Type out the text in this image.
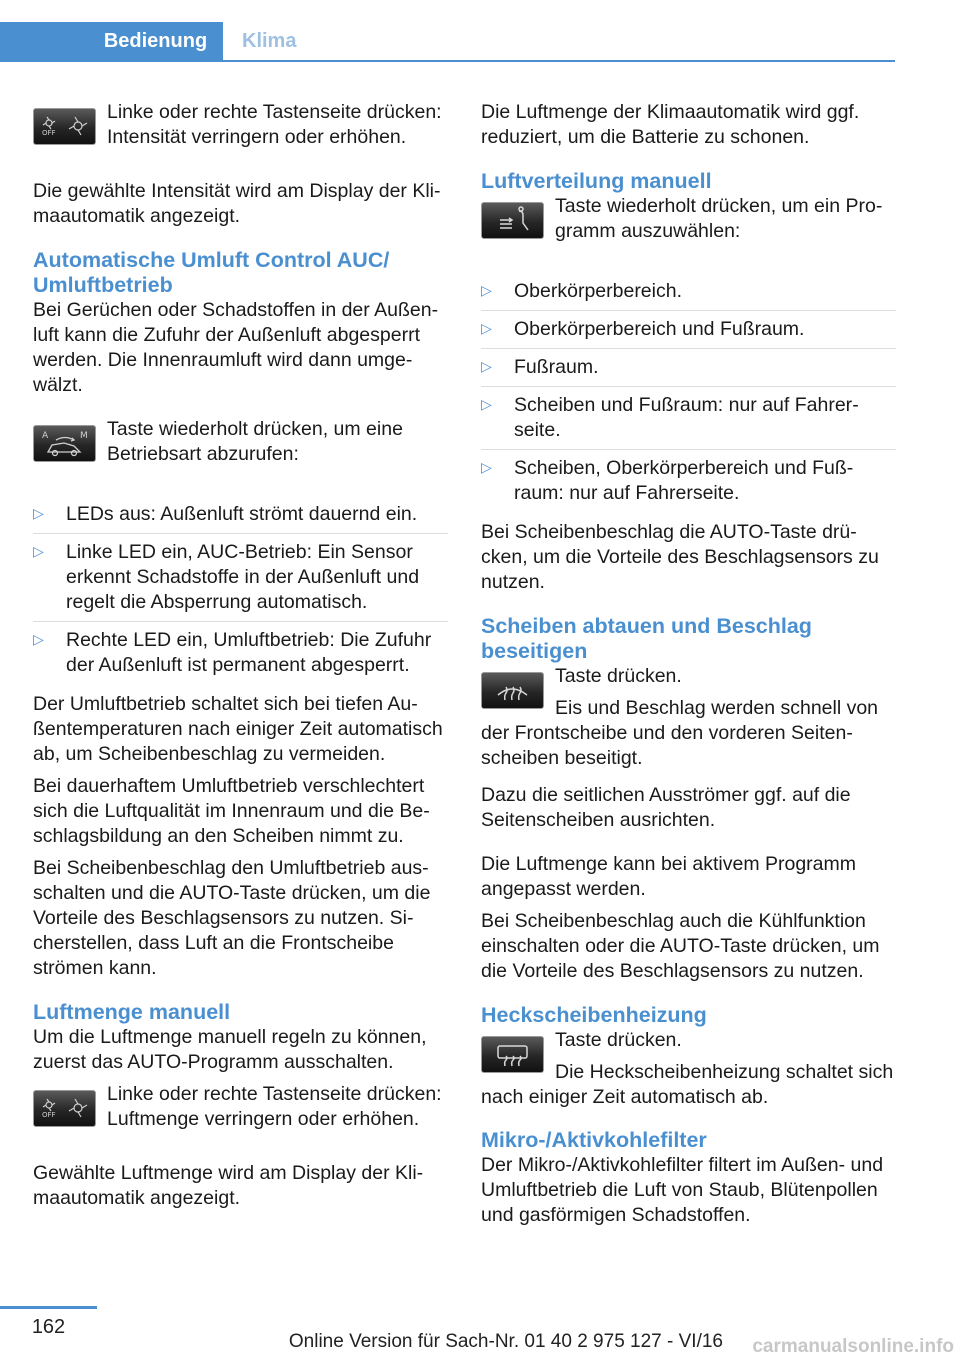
Bedienung Klima
OFF

Linke oder rechte Tastenseite drücken: Intensität verringern oder erhöhen.

Die gewählte Intensität wird am Display der Klimaautomatik angezeigt.

Automatische Umluft Control AUC/ Umluftbetrieb

Bei Gerüchen oder Schadstoffen in der Außenluft kann die Zufuhr der Außenluft abgesperrt werden. Die Innenraumluft wird dann umgewälzt.

A	M Taste wiederholt drücken, um eine Betriebsart abzurufen:

▷ LEDs aus: Außenluft strömt dauernd ein.
▷ Linke LED ein, AUC-Betrieb: Ein Sensor erkennt Schadstoffe in der Außenluft und regelt die Absperrung automatisch.
▷ Rechte LED ein, Umluftbetrieb: Die Zufuhr der Außenluft ist permanent abgesperrt.

Der Umluftbetrieb schaltet sich bei tiefen Außentemperaturen nach einiger Zeit automatisch ab, um Scheibenbeschlag zu vermeiden.

Bei dauerhaftem Umluftbetrieb verschlechtert sich die Luftqualität im Innenraum und die Beschlagsbildung an den Scheiben nimmt zu.

Bei Scheibenbeschlag den Umluftbetrieb ausschalten und die AUTO-Taste drücken, um die Vorteile des Beschlagsensors zu nutzen. Sicherstellen, dass Luft an die Frontscheibe strömen kann.

Luftmenge manuell

Um die Luftmenge manuell regeln zu können, zuerst das AUTO-Programm ausschalten.

OFF

Linke oder rechte Tastenseite drücken: Luftmenge verringern oder erhöhen.

Gewählte Luftmenge wird am Display der Klimaautomatik angezeigt.

Die Luftmenge der Klimaautomatik wird ggf. reduziert, um die Batterie zu schonen.

Luftverteilung manuell

Taste wiederholt drücken, um ein Programm auszuwählen:

▷ Oberkörperbereich.
▷ Oberkörperbereich und Fußraum.
▷ Fußraum.
▷ Scheiben und Fußraum: nur auf Fahrerseite.
▷ Scheiben, Oberkörperbereich und Fußraum: nur auf Fahrerseite.

Bei Scheibenbeschlag die AUTO-Taste drücken, um die Vorteile des Beschlagsensors zu nutzen.

Scheiben abtauen und Beschlag beseitigen

Taste drücken.

Eis und Beschlag werden schnell von der Frontscheibe und den vorderen Seitenscheiben beseitigt.

Dazu die seitlichen Ausströmer ggf. auf die Seitenscheiben ausrichten.

Die Luftmenge kann bei aktivem Programm angepasst werden.

Bei Scheibenbeschlag auch die Kühlfunktion einschalten oder die AUTO-Taste drücken, um die Vorteile des Beschlagsensors zu nutzen.

Heckscheibenheizung

Taste drücken.

Die Heckscheibenheizung schaltet sich nach einiger Zeit automatisch ab.

Mikro-/Aktivkohlefilter

Der Mikro-/Aktivkohlefilter filtert im Außen- und Umluftbetrieb die Luft von Staub, Blütenpollen und gasförmigen Schadstoffen.

162
Online Version für Sach-Nr. 01 40 2 975 127 - VI/16 carmanualsonline.info
